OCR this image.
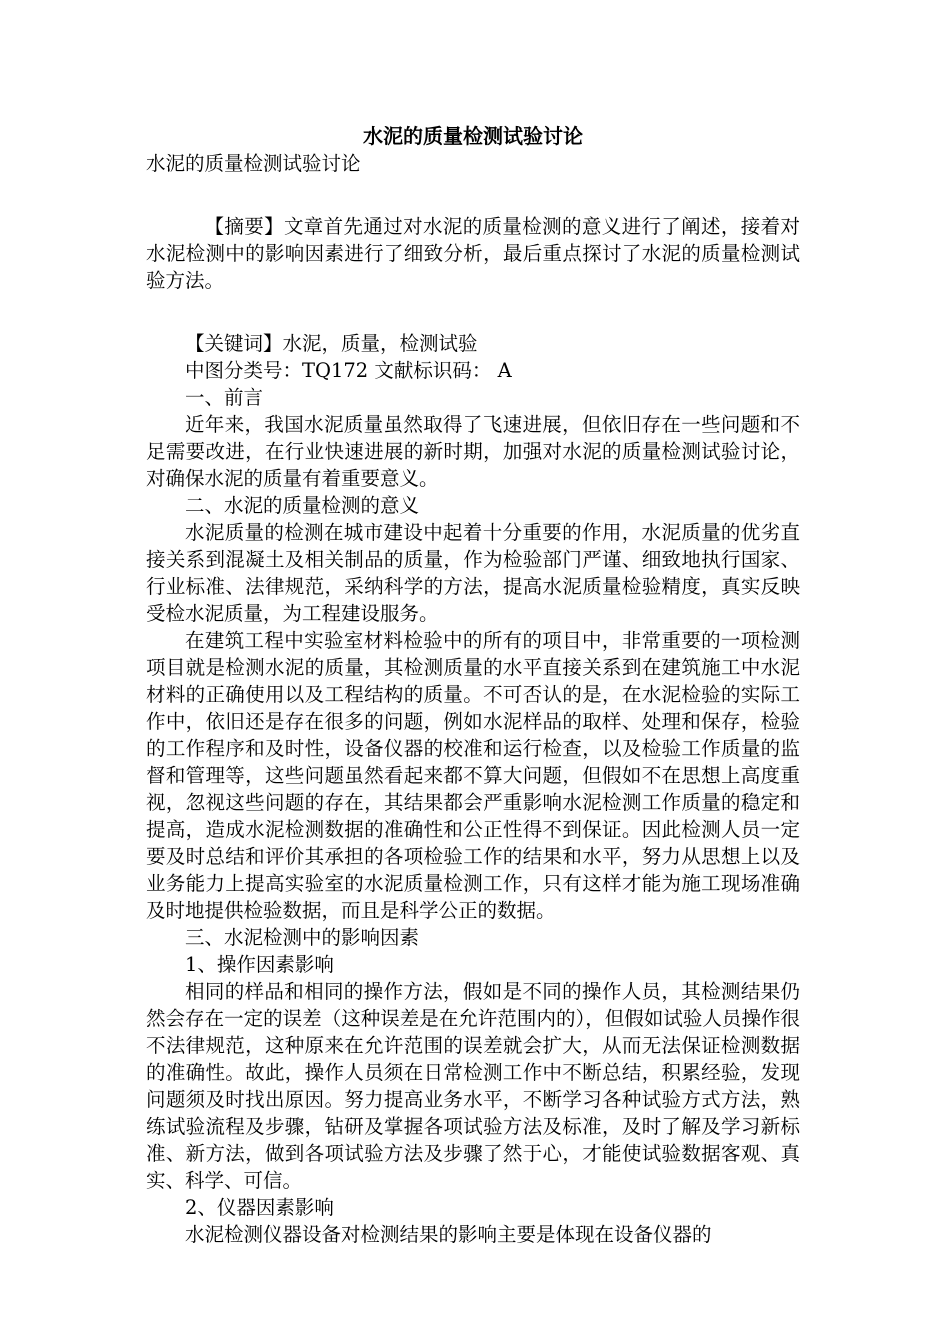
水泥的质量检测试验讨论

水泥的质量检测试验讨论

【摘要】文章首先通过对水泥的质量检测的意义进行了阐述，接着对水泥检测中的影响因素进行了细致分析，最后重点探讨了水泥的质量检测试验方法。

【关键词】水泥，质量，检测试验

中图分类号：TQ172 文献标识码： A

一、前言

近年来，我国水泥质量虽然取得了飞速进展，但依旧存在一些问题和不足需要改进，在行业快速进展的新时期，加强对水泥的质量检测试验讨论，对确保水泥的质量有着重要意义。

二、水泥的质量检测的意义

水泥质量的检测在城市建设中起着十分重要的作用，水泥质量的优劣直接关系到混凝土及相关制品的质量，作为检验部门严谨、细致地执行国家、行业标准、法律规范，采纳科学的方法，提高水泥质量检验精度，真实反映受检水泥质量，为工程建设服务。

在建筑工程中实验室材料检验中的所有的项目中，非常重要的一项检测项目就是检测水泥的质量，其检测质量的水平直接关系到在建筑施工中水泥材料的正确使用以及工程结构的质量。不可否认的是，在水泥检验的实际工作中，依旧还是存在很多的问题，例如水泥样品的取样、处理和保存，检验的工作程序和及时性，设备仪器的校准和运行检查，以及检验工作质量的监督和管理等，这些问题虽然看起来都不算大问题，但假如不在思想上高度重视，忽视这些问题的存在，其结果都会严重影响水泥检测工作质量的稳定和提高，造成水泥检测数据的准确性和公正性得不到保证。因此检测人员一定要及时总结和评价其承担的各项检验工作的结果和水平，努力从思想上以及业务能力上提高实验室的水泥质量检测工作，只有这样才能为施工现场准确及时地提供检验数据，而且是科学公正的数据。

三、水泥检测中的影响因素

1、操作因素影响

相同的样品和相同的操作方法，假如是不同的操作人员，其检测结果仍然会存在一定的误差（这种误差是在允许范围内的），但假如试验人员操作很不法律规范，这种原来在允许范围的误差就会扩大，从而无法保证检测数据的准确性。故此，操作人员须在日常检测工作中不断总结，积累经验，发现问题须及时找出原因。努力提高业务水平，不断学习各种试验方式方法，熟练试验流程及步骤，钻研及掌握各项试验方法及标准，及时了解及学习新标准、新方法，做到各项试验方法及步骤了然于心，才能使试验数据客观、真实、科学、可信。

2、仪器因素影响

水泥检测仪器设备对检测结果的影响主要是体现在设备仪器的
